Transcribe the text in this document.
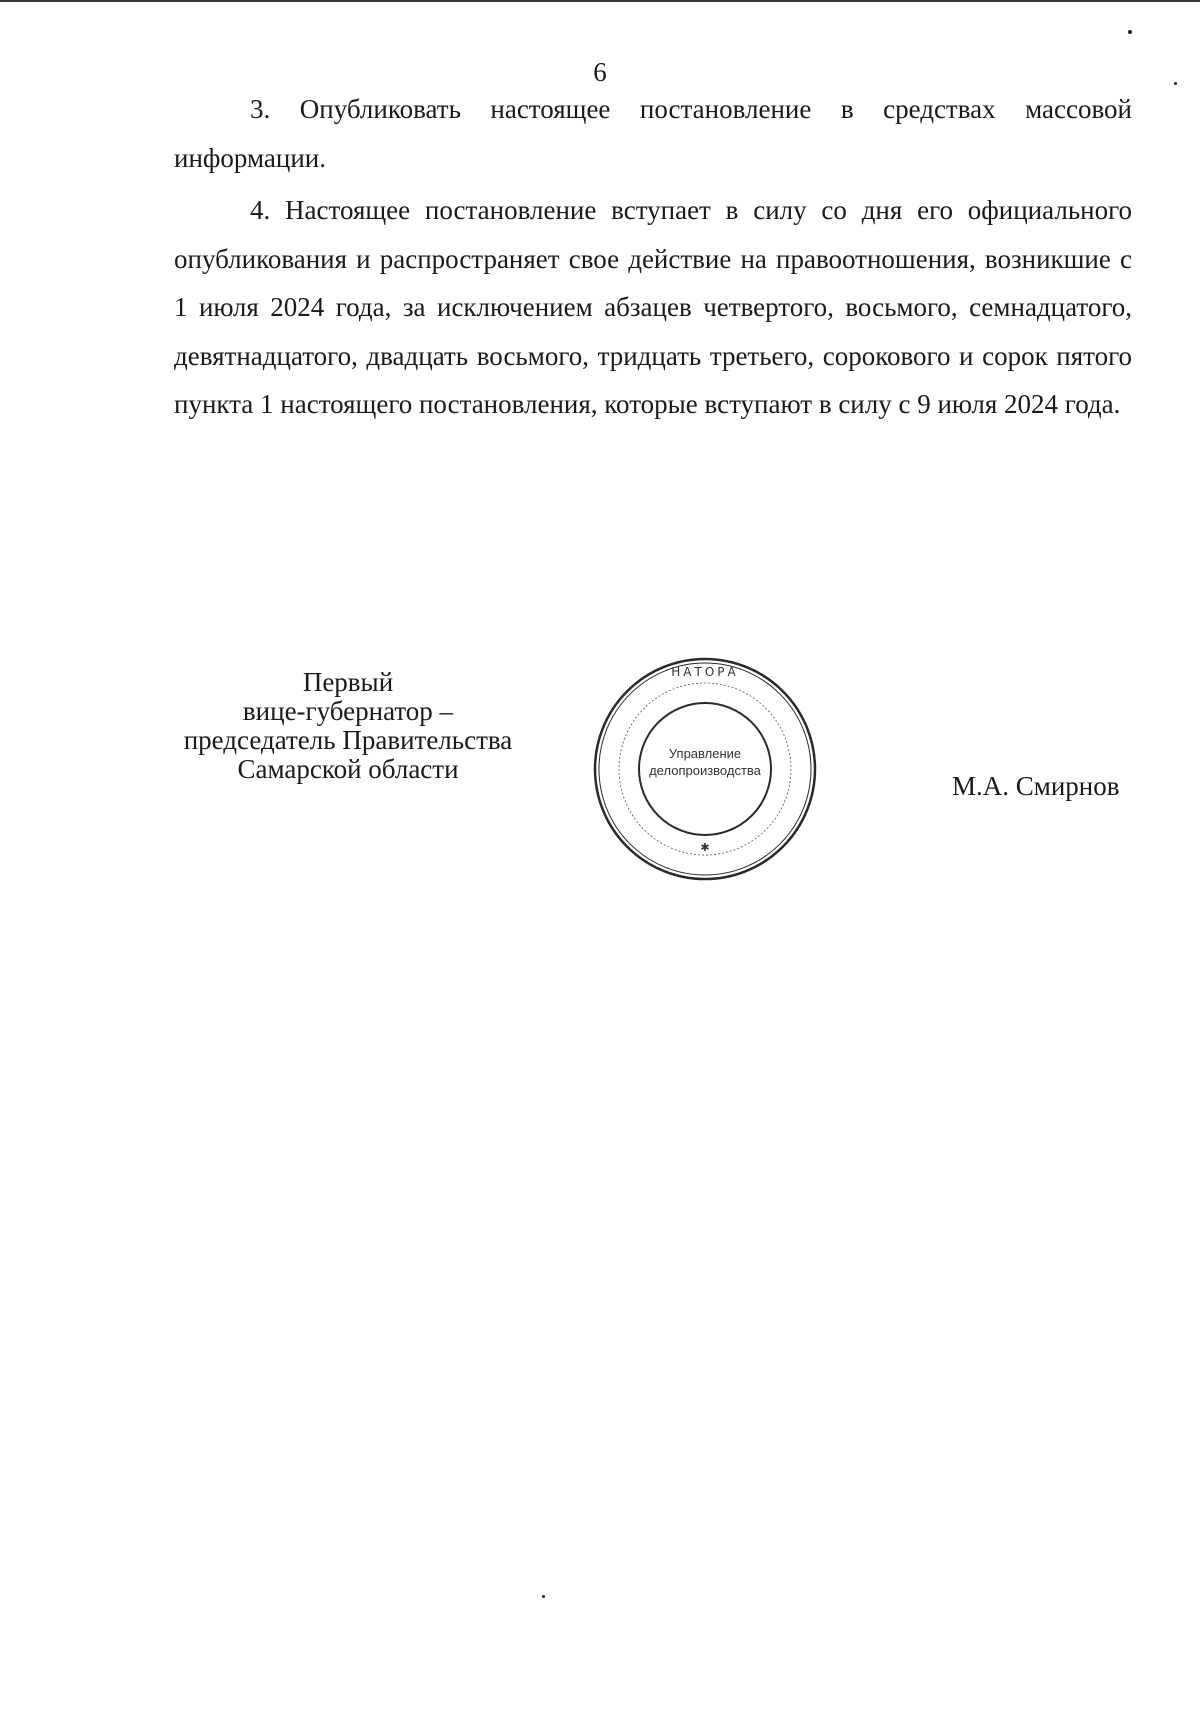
6

3. Опубликовать настоящее постановление в средствах массовой информации.

4. Настоящее постановление вступает в силу со дня его официального опубликования и распространяет свое действие на правоотношения, возникшие с 1 июля 2024 года, за исключением абзацев четвертого, восьмого, семнадцатого, девятнадцатого, двадцать восьмого, тридцать третьего, сорокового и сорок пятого пункта 1 настоящего постановления, которые вступают в силу с 9 июля 2024 года.

Первый
вице-губернатор –
председатель Правительства
Самарской области
✱
НАТОРА
Управление
делопроизводства
М.А. Смирнов
